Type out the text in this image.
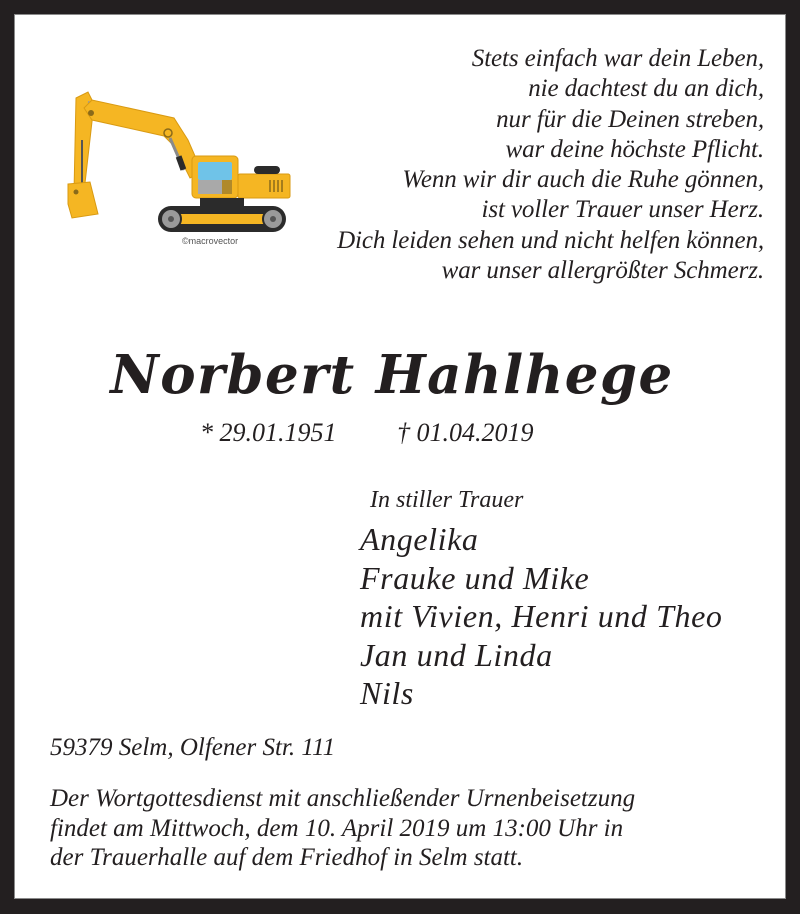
©macrovector
Stets einfach war dein Leben,
nie dachtest du an dich,
nur für die Deinen streben,
war deine höchste Pflicht.
Wenn wir dir auch die Ruhe gönnen,
ist voller Trauer unser Herz.
Dich leiden sehen und nicht helfen können,
war unser allergrößter Schmerz.
Norbert Hahlhege
* 29.01.1951 † 01.04.2019
In stiller Trauer
Angelika
Frauke und Mike
mit Vivien, Henri und Theo
Jan und Linda
Nils
59379 Selm, Olfener Str. 111
Der Wortgottesdienst mit anschließender Urnenbeisetzung
findet am Mittwoch, dem 10. April 2019 um 13:00 Uhr in
der Trauerhalle auf dem Friedhof in Selm statt.
